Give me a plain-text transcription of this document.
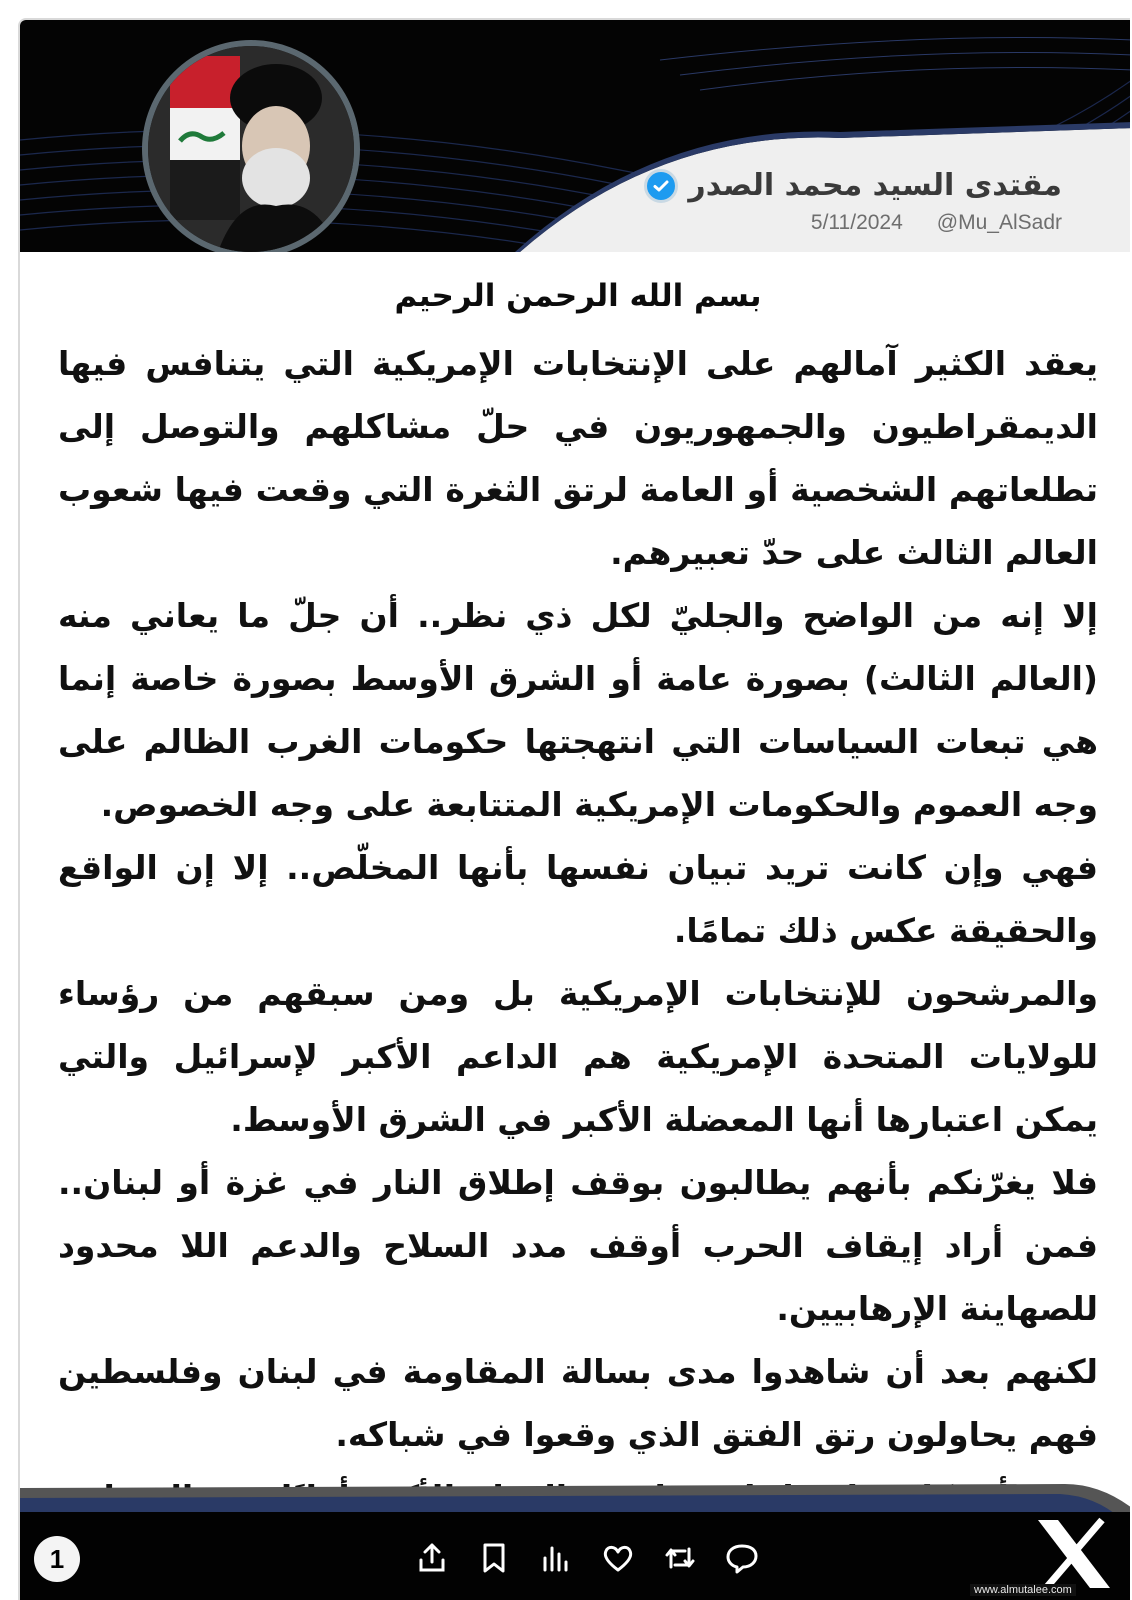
مقتدى السيد محمد الصدر
5/11/2024 @Mu_AlSadr
بسم الله الرحمن الرحيم

يعقد الكثير آمالهم على الإنتخابات الإمريكية التي يتنافس فيها الديمقراطيون والجمهوريون في حلّ مشاكلهم والتوصل إلى تطلعاتهم الشخصية أو العامة لرتق الثغرة التي وقعت فيها شعوب العالم الثالث على حدّ تعبيرهم.

إلا إنه من الواضح والجليّ لكل ذي نظر.. أن جلّ ما يعاني منه (العالم الثالث) بصورة عامة أو الشرق الأوسط بصورة خاصة إنما هي تبعات السياسات التي انتهجتها حكومات الغرب الظالم على وجه العموم والحكومات الإمريكية المتتابعة على وجه الخصوص.

فهي وإن كانت تريد تبيان نفسها بأنها المخلّص.. إلا إن الواقع والحقيقة عكس ذلك تمامًا.

والمرشحون للإنتخابات الإمريكية بل ومن سبقهم من رؤساء للولايات المتحدة الإمريكية هم الداعم الأكبر لإسرائيل والتي يمكن اعتبارها أنها المعضلة الأكبر في الشرق الأوسط.

فلا يغرّنكم بأنهم يطالبون بوقف إطلاق النار في غزة أو لبنان.. فمن أراد إيقاف الحرب أوقف مدد السلاح والدعم اللا محدود للصهاينة الإرهابيين.

لكنهم بعد أن شاهدوا مدى بسالة المقاومة في لبنان وفلسطين فهم يحاولون رتق الفتق الذي وقعوا في شباكه.

1
www.almutalee.com
